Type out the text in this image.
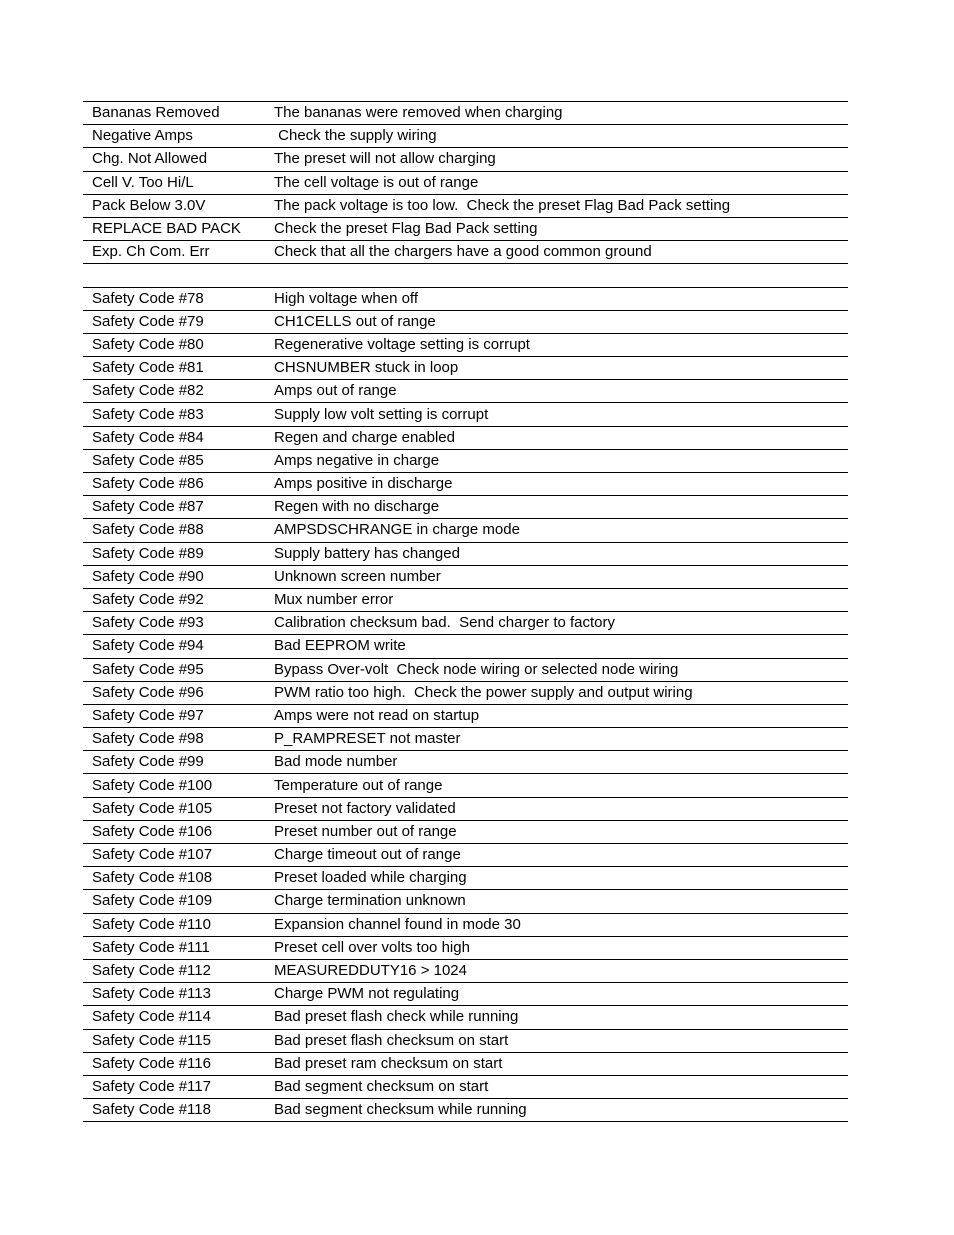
Bananas Removed	The bananas were removed when charging
Negative Amps	Check the supply wiring
Chg. Not Allowed	The preset will not allow charging
Cell V. Too Hi/L	The cell voltage is out of range
Pack Below 3.0V	The pack voltage is too low.  Check the preset Flag Bad Pack setting
REPLACE BAD PACK	Check the preset Flag Bad Pack setting
Exp. Ch Com. Err	Check that all the chargers have a good common ground

Safety Code #78	High voltage when off
Safety Code #79	CH1CELLS out of range
Safety Code #80	Regenerative voltage setting is corrupt
Safety Code #81	CHSNUMBER stuck in loop
Safety Code #82	Amps out of range
Safety Code #83	Supply low volt setting is corrupt
Safety Code #84	Regen and charge enabled
Safety Code #85	Amps negative in charge
Safety Code #86	Amps positive in discharge
Safety Code #87	Regen with no discharge
Safety Code #88	AMPSDSCHRANGE in charge mode
Safety Code #89	Supply battery has changed
Safety Code #90	Unknown screen number
Safety Code #92	Mux number error
Safety Code #93	Calibration checksum bad.  Send charger to factory
Safety Code #94	Bad EEPROM write
Safety Code #95	Bypass Over-volt  Check node wiring or selected node wiring
Safety Code #96	PWM ratio too high.  Check the power supply and output wiring
Safety Code #97	Amps were not read on startup
Safety Code #98	P_RAMPRESET not master
Safety Code #99	Bad mode number
Safety Code #100	Temperature out of range
Safety Code #105	Preset not factory validated
Safety Code #106	Preset number out of range
Safety Code #107	Charge timeout out of range
Safety Code #108	Preset loaded while charging
Safety Code #109	Charge termination unknown
Safety Code #110	Expansion channel found in mode 30
Safety Code #111	Preset cell over volts too high
Safety Code #112	MEASUREDDUTY16 > 1024
Safety Code #113	Charge PWM not regulating
Safety Code #114	Bad preset flash check while running
Safety Code #115	Bad preset flash checksum on start
Safety Code #116	Bad preset ram checksum on start
Safety Code #117	Bad segment checksum on start
Safety Code #118	Bad segment checksum while running
